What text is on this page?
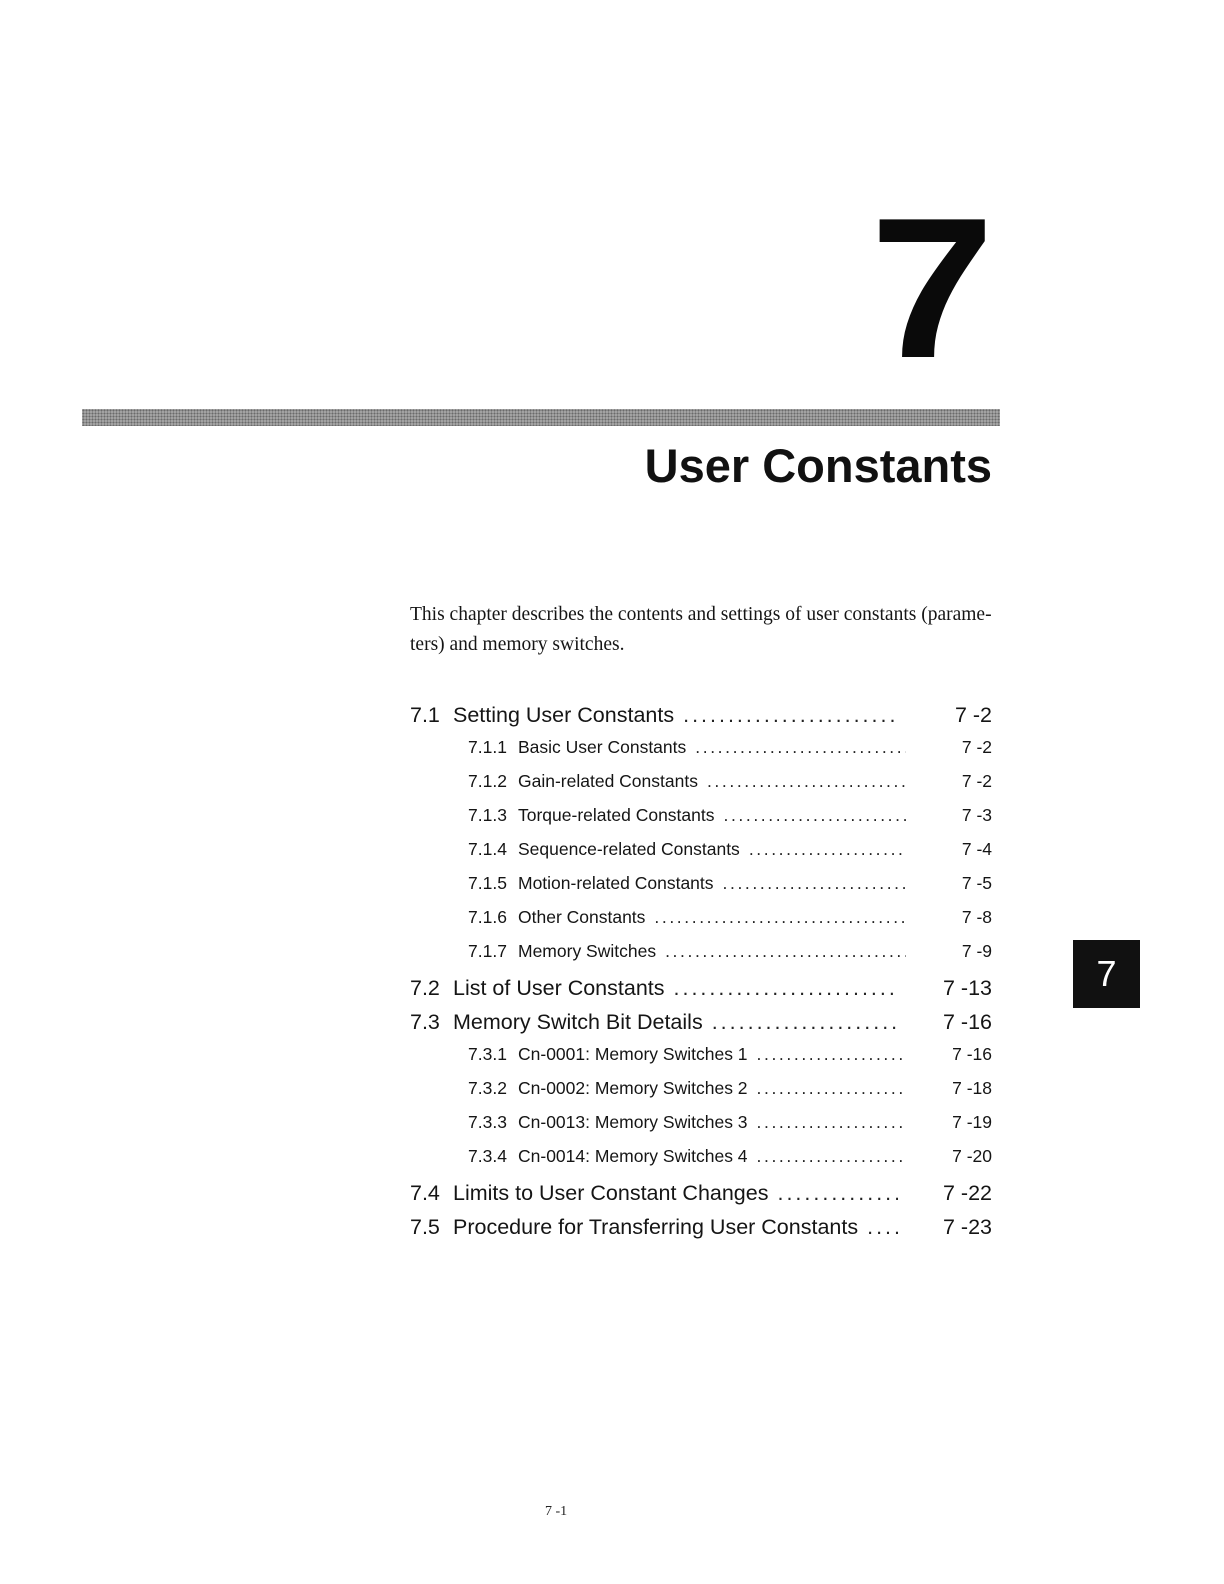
7
User Constants
This chapter describes the contents and settings of user constants (parame-
ters) and memory switches.
7.1 Setting User Constants .....	7 -2
7.1.1 Basic User Constants .....	7 -2
7.1.2 Gain-related Constants .....	7 -2
7.1.3 Torque-related Constants .....	7 -3
7.1.4 Sequence-related Constants .....	7 -4
7.1.5 Motion-related Constants .....	7 -5
7.1.6 Other Constants .....	7 -8
7.1.7 Memory Switches .....	7 -9
7.2 List of User Constants .....	7 -13
7.3 Memory Switch Bit Details .....	7 -16
7.3.1 Cn-0001: Memory Switches 1 .....	7 -16
7.3.2 Cn-0002: Memory Switches 2 .....	7 -18
7.3.3 Cn-0013: Memory Switches 3 .....	7 -19
7.3.4 Cn-0014: Memory Switches 4 .....	7 -20
7.4 Limits to User Constant Changes .....	7 -22
7.5 Procedure for Transferring User Constants .....	7 -23
7
7 -1
